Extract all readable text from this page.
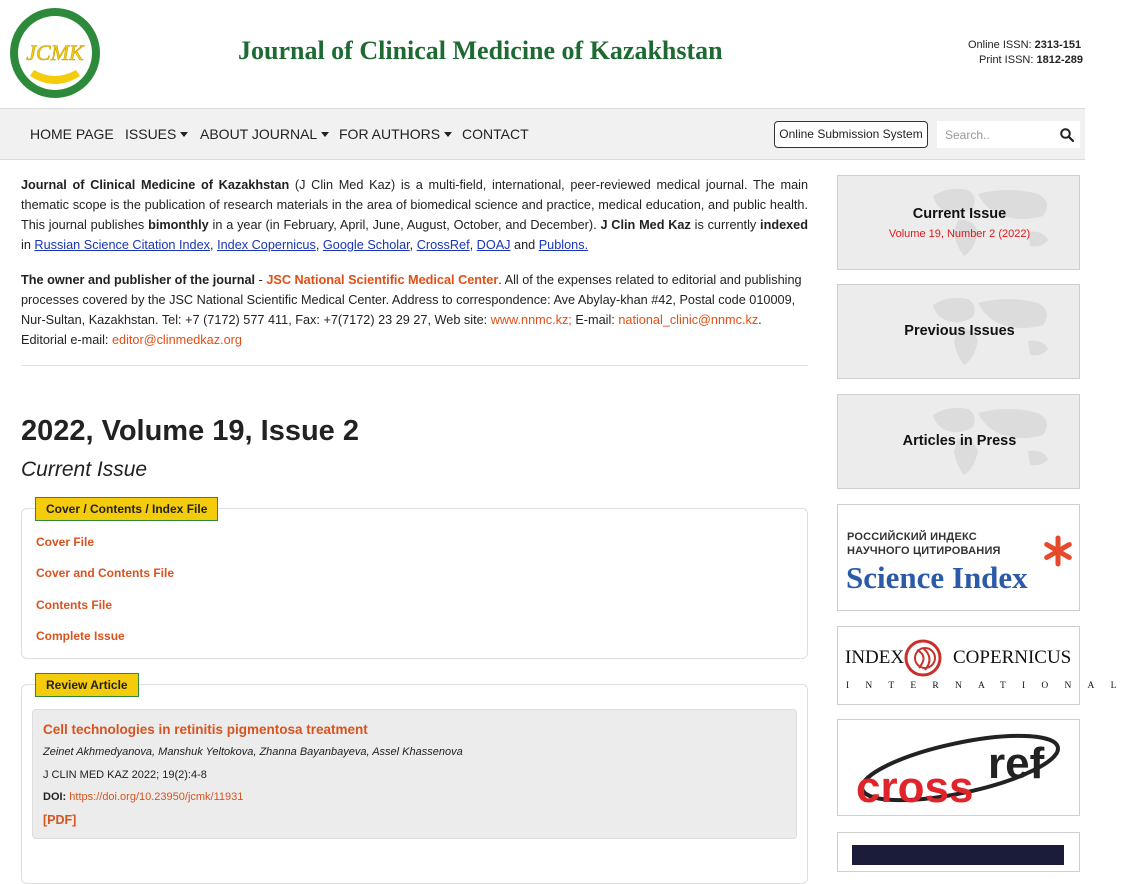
JCMK	Journal of Clinical Medicine of Kazakhstan	Online ISSN: 2313-151
Print ISSN: 1812-289
HOME PAGE ISSUES	ABOUT JOURNAL	FOR AUTHORS	CONTACT	Online Submission System
Search..

Journal of Clinical Medicine of Kazakhstan (J Clin Med Kaz) is a multi-field, international, peer-reviewed medical journal. The main thematic scope is the publication of research materials in the area of biomedical science and practice, medical education, and public health. This journal publishes bimonthly in a year (in February, April, June, August, October, and December). J Clin Med Kaz is currently indexed in Russian Science Citation Index, Index Copernicus, Google Scholar, CrossRef, DOAJ and Publons.

The owner and publisher of the journal - JSC National Scientific Medical Center. All of the expenses related to editorial and publishing processes covered by the JSC National Scientific Medical Center. Address to correspondence: Ave Abylay-khan #42, Postal code 010009, Nur-Sultan, Kazakhstan. Tel: +7 (7172) 577 411, Fax: +7(7172) 23 29 27, Web site: www.nnmc.kz; E-mail: national_clinic@nnmc.kz. Editorial e-mail: editor@clinmedkaz.org

2022, Volume 19, Issue 2
Current Issue
Cover / Contents / Index File
Cover File
Cover and Contents File
Contents File
Complete Issue
Review Article
Cell technologies in retinitis pigmentosa treatment
Zeinet Akhmedyanova, Manshuk Yeltokova, Zhanna Bayanbayeva, Assel Khassenova
J CLIN MED KAZ 2022; 19(2):4-8
DOI: https://doi.org/10.23950/jcmk/11931
[PDF]
Current Issue
Volume 19, Number 2 (2022)
Previous Issues
Articles in Press
РОССИЙСКИЙ ИНДЕКС
НАУЧНОГО ЦИТИРОВАНИЯ
Science Index
INDEX	COPERNICUS
INTERNATIONAL
cross ref
